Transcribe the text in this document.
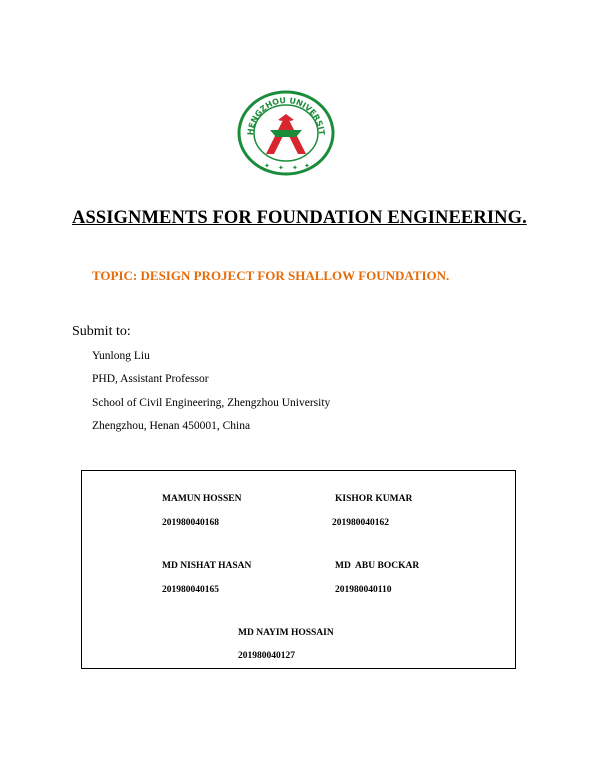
HENGZHOU UNIVERSIT
✦ ✦ ✦ ✦
ASSIGNMENTS FOR FOUNDATION ENGINEERING.
TOPIC: DESIGN PROJECT FOR SHALLOW FOUNDATION.
Submit to:
Yunlong Liu
PHD, Assistant Professor
School of Civil Engineering, Zhengzhou University
Zhengzhou, Henan 450001, China
MAMUN HOSSEN
201980040168
KISHOR KUMAR
201980040162
MD NISHAT HASAN
201980040165
MD  ABU BOCKAR
201980040110
MD NAYIM HOSSAIN
201980040127
